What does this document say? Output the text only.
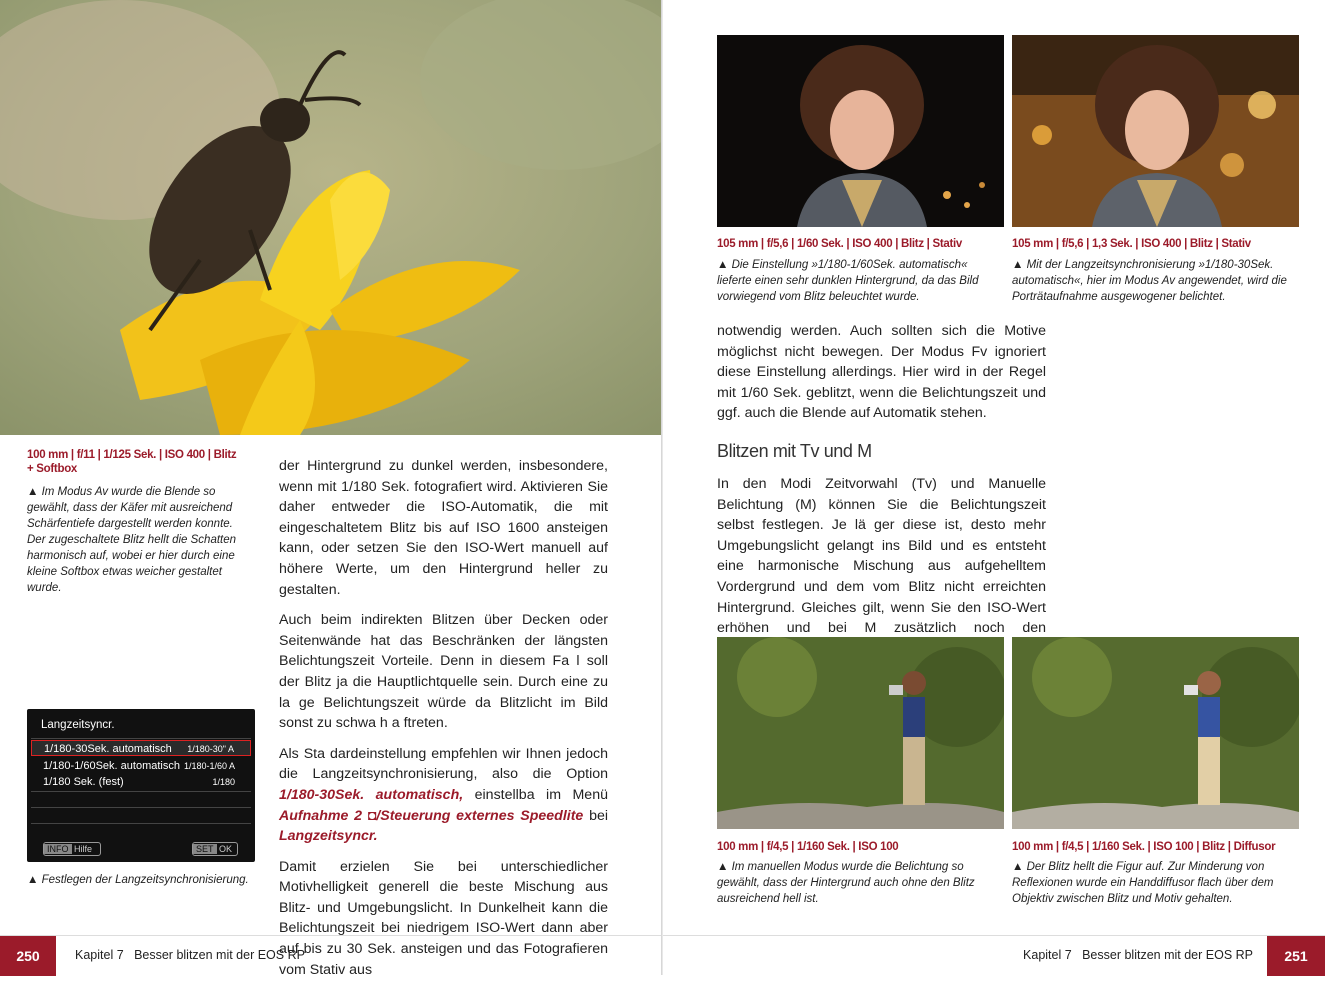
100 mm | f/11 | 1/125 Sek. | ISO 400 | Blitz + Softbox
▲ Im Modus Av wurde die Blende so gewählt, dass der Käfer mit ausreichend Schärfentiefe dargestellt werden konnte. Der zugeschaltete Blitz hellt die Schatten harmonisch auf, wobei er hier durch eine kleine Softbox etwas weicher gestaltet wurde.

der Hintergrund zu dunkel werden, insbesondere, wenn mit 1/180 Sek. fotografiert wird. Aktivieren Sie daher entweder die ISO-Automatik, die mit eingeschaltetem Blitz bis auf ISO 1600 ansteigen kann, oder setzen Sie den ISO-Wert manuell auf höhere Werte, um den Hintergrund heller zu gestalten.

Auch beim indirekten Blitzen über Decken oder Seitenwände hat das Beschränken der längsten Belichtungszeit Vorteile. Denn in diesem Fa l soll der Blitz ja die Hauptlichtquelle sein. Durch eine zu la ge Belichtungszeit würde da Blitzlicht im Bild sonst zu schwa h a ftreten.

Als Sta dardeinstellung empfehlen wir Ihnen jedoch die Langzeitsynchronisierung, also die Option 1/180-30Sek. automatisch, einstellba im Menü Aufnahme 2 ◘/Steuerung externes Speedlite bei Langzeitsyncr.

Damit erzielen Sie bei unterschiedlicher Motivhelligkeit generell die beste Mischung aus Blitz- und Umgebungslicht. In Dunkelheit kann die Belichtungszeit bei niedrigem ISO-Wert dann aber auf bis zu 30 Sek. ansteigen und das Fotografieren vom Stativ aus

Langzeitsyncr.
1/180-30Sek. automatisch 1/180-30" A
1/180-1/60Sek. automatisch 1/180-1/60 A
1/180 Sek. (fest)	1/180
INFO Hilfe	SET OK
▲ Festlegen der Langzeitsynchronisierung.
250	Kapitel 7   Besser blitzen mit der EOS RP
105 mm | f/5,6 | 1/60 Sek. | ISO 400 | Blitz | Stativ
▲ Die Einstellung »1/180-1/60Sek. automatisch« lieferte einen sehr dunklen Hintergrund, da das Bild vorwiegend vom Blitz beleuchtet wurde.
105 mm | f/5,6 | 1,3 Sek. | ISO 400 | Blitz | Stativ
▲ Mit der Langzeitsynchronisierung »1/180-30Sek. automatisch«, hier im Modus Av angewendet, wird die Porträtaufnahme ausgewogener belichtet.
notwendig werden. Auch sollten sich die Motive möglichst nicht bewegen. Der Modus Fv ignoriert diese Einstellung allerdings. Hier wird in der Regel mit 1/60 Sek. geblitzt, wenn die Belichtungszeit und ggf. auch die Blende auf Automatik stehen.
Blitzen mit Tv und M
In den Modi Zeitvorwahl (Tv) und Manuelle Belichtung (M) können Sie die Belichtungszeit selbst festlegen. Je lä ger diese ist, desto mehr Umgebungslicht gelangt ins Bild und es entsteht eine harmonische Mischung aus aufgehelltem Vordergrund und dem vom Blitz nicht erreichten Hintergrund. Gleiches gilt, wenn Sie den ISO-Wert erhöhen und bei M zusätzlich noch den
100 mm | f/4,5 | 1/160 Sek. | ISO 100
▲ Im manuellen Modus wurde die Belichtung so gewählt, dass der Hintergrund auch ohne den Blitz ausreichend hell ist.
100 mm | f/4,5 | 1/160 Sek. | ISO 100 | Blitz | Diffusor
▲ Der Blitz hellt die Figur auf. Zur Minderung von Reflexionen wurde ein Handdiffusor flach über dem Objektiv zwischen Blitz und Motiv gehalten.
Kapitel 7   Besser blitzen mit der EOS RP	251
